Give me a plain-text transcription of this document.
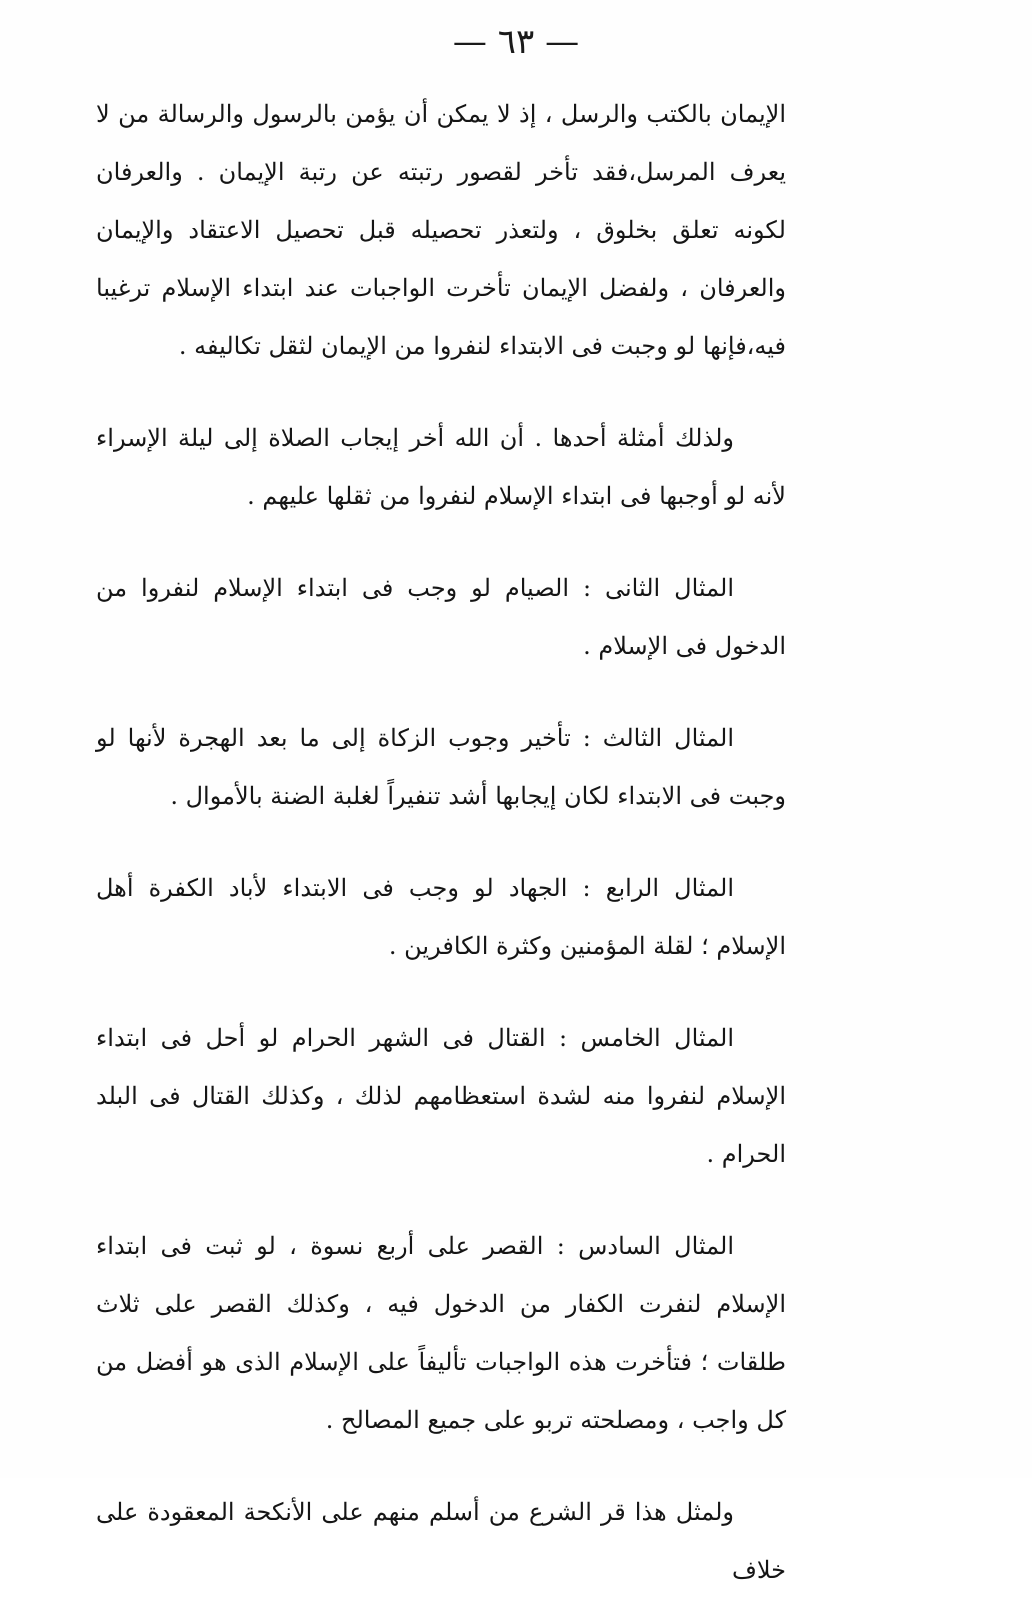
— ٦٣ —

الإيمان بالكتب والرسل ، إذ لا يمكن أن يؤمن بالرسول والرسالة من لا يعرف المرسل،فقد تأخر لقصور رتبته عن رتبة الإيمان . والعرفان لكونه تعلق بخلوق ، ولتعذر تحصيله قبل تحصيل الاعتقاد والإيمان والعرفان ، ولفضل الإيمان تأخرت الواجبات عند ابتداء الإسلام ترغيبا فيه،فإنها لو وجبت فى الابتداء لنفروا من الإيمان لثقل تكاليفه .

ولذلك أمثلة أحدها . أن الله أخر إيجاب الصلاة إلى ليلة الإسراء لأنه لو أوجبها فى ابتداء الإسلام لنفروا من ثقلها عليهم .

المثال الثانى : الصيام لو وجب فى ابتداء الإسلام لنفروا من الدخول فى الإسلام .

المثال الثالث : تأخير وجوب الزكاة إلى ما بعد الهجرة لأنها لو وجبت فى الابتداء لكان إيجابها أشد تنفيراً لغلبة الضنة بالأموال .

المثال الرابع : الجهاد لو وجب فى الابتداء لأباد الكفرة أهل الإسلام ؛ لقلة المؤمنين وكثرة الكافرين .

المثال الخامس : القتال فى الشهر الحرام لو أحل فى ابتداء الإسلام لنفروا منه لشدة استعظامهم لذلك ، وكذلك القتال فى البلد الحرام .

المثال السادس : القصر على أربع نسوة ، لو ثبت فى ابتداء الإسلام لنفرت الكفار من الدخول فيه ، وكذلك القصر على ثلاث طلقات ؛ فتأخرت هذه الواجبات تأليفاً على الإسلام الذى هو أفضل من كل واجب ، ومصلحته تربو على جميع المصالح .

ولمثل هذا قر الشرع من أسلم منهم على الأنكحة المعقودة على خلاف
